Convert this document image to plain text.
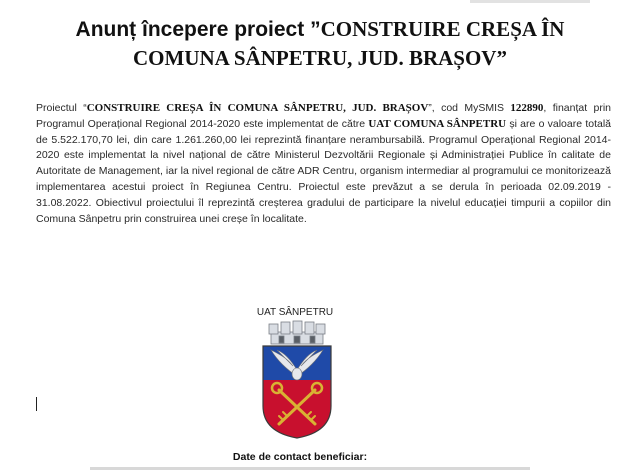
Anunț începere proiect ”CONSTRUIRE CREȘA ÎN
COMUNA SÂNPETRU, JUD. BRAȘOV”
Proiectul “CONSTRUIRE CREȘA ÎN COMUNA SÂNPETRU, JUD. BRAȘOV”, cod MySMIS 122890, finanțat prin Programul Operațional Regional 2014-2020 este implementat de către UAT COMUNA SÂNPETRU și are o valoare totală de 5.522.170,70 lei, din care 1.261.260,00 lei reprezintă finanțare nerambursabilă. Programul Operațional Regional 2014-2020 este implementat la nivel național de către Ministerul Dezvoltării Regionale și Administrației Publice în calitate de Autoritate de Management, iar la nivel regional de către ADR Centru, organism intermediar al programului ce monitorizează implementarea acestui proiect în Regiunea Centru. Proiectul este prevăzut a se derula în perioada 02.09.2019 - 31.08.2022. Obiectivul proiectului îl reprezintă creșterea gradului de participare la nivelul educației timpurii a copiilor din Comuna Sânpetru prin construirea unei creșe în localitate.
UAT SÂNPETRU
Date de contact beneficiar:
